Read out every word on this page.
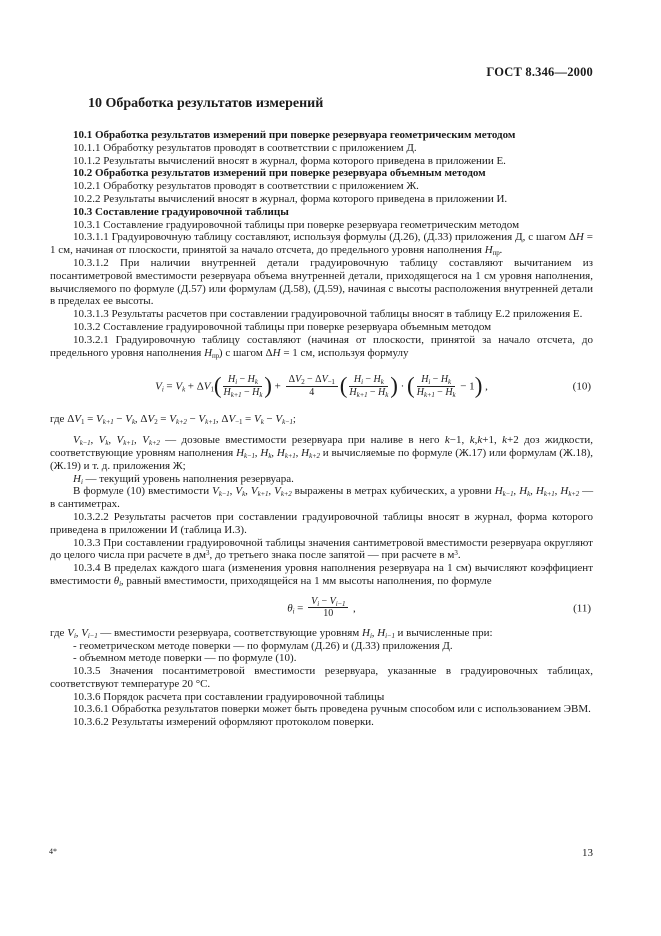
ГОСТ 8.346—2000
10 Обработка результатов измерений

10.1 Обработка результатов измерений при поверке резервуара геометрическим методом

10.1.1 Обработку результатов проводят в соответствии с приложением Д.

10.1.2 Результаты вычислений вносят в журнал, форма которого приведена в приложении Е.

10.2 Обработка результатов измерений при поверке резервуара объемным методом

10.2.1 Обработку результатов проводят в соответствии с приложением Ж.

10.2.2 Результаты вычислений вносят в журнал, форма которого приведена в приложении И.

10.3 Составление градуировочной таблицы

10.3.1 Составление градуировочной таблицы при поверке резервуара геометрическим методом

10.3.1.1 Градуировочную таблицу составляют, используя формулы (Д.26), (Д.33) приложения Д, с шагом ΔH = 1 см, начиная от плоскости, принятой за начало отсчета, до предельного уровня наполнения $H_{пр}$.

10.3.1.2 При наличии внутренней детали градуировочную таблицу составляют вычитанием из посантиметровой вместимости резервуара объема внутренней детали, приходящегося на 1 см уровня наполнения, вычисляемого по формуле (Д.57) или формулам (Д.58), (Д.59), начиная с высоты расположения внутренней детали в пределах ее высоты.

10.3.1.3 Результаты расчетов при составлении градуировочной таблицы вносят в таблицу Е.2 приложения Е.

10.3.2 Составление градуировочной таблицы при поверке резервуара объемным методом

10.3.2.1 Градуировочную таблицу составляют (начиная от плоскости, принятой за начало отсчета, до предельного уровня наполнения $H_{пр}$) с шагом ΔH = 1 см, используя формулу

$V_i = V_k + \Delta V_1( \frac{H_i - H_k}{H_{k+1} - H_k}$ ) + $\frac{\Delta V_2 - \Delta V_{-1}}{4}$ ( $\frac{H_i - H_k}{H_{k+1} - H_k}$ ) · ( $\frac{H_i - H_k}{H_{k+1} - H_k} - 1$) ,	(10)

где $\Delta V_1 = V_{k+1} - V_k$, $\Delta V_2 = V_{k+2} - V_{k+1}$, $\Delta V_{-1} = V_k - V_{k-1}$;

$V_{k-1}$, $V_k$, $V_{k+1}$, $V_{k+2}$ — дозовые вместимости резервуара при наливе в него k−1, k,k+1, k+2 доз жидкости, соответствующие уровням наполнения $H_{k-1}$, $H_k$, $H_{k+1}$, $H_{k+2}$ и вычисляемые по формуле (Ж.17) или формулам (Ж.18), (Ж.19) и т. д. приложения Ж;

$H_i$ — текущий уровень наполнения резервуара.

В формуле (10) вместимости $V_{k-1}$, $V_k$, $V_{k+1}$, $V_{k+2}$ выражены в метрах кубических, а уровни $H_{k-1}$, $H_k$, $H_{k+1}$, $H_{k+2}$ — в сантиметрах.

10.3.2.2 Результаты расчетов при составлении градуировочной таблицы вносят в журнал, форма которого приведена в приложении И (таблица И.3).

10.3.3 При составлении градуировочной таблицы значения сантиметровой вместимости резервуара округляют до целого числа при расчете в $дм^3$, до третьего знака после запятой — при расчете в $м^3$.

10.3.4 В пределах каждого шага (изменения уровня наполнения резервуара на 1 см) вычисляют коэффициент вместимости $\theta_i$, равный вместимости, приходящейся на 1 мм высоты наполнения, по формуле

$\theta_i = \frac{V_i - V_{i-1}}{10}$ ,	(11)

где $V_i$, $V_{i-1}$ — вместимости резервуара, соответствующие уровням $H_i$, $H_{i-1}$ и вычисленные при:

- геометрическом методе поверки — по формулам (Д.26) и (Д.33) приложения Д.

- объемном методе поверки — по формуле (10).

10.3.5 Значения посантиметровой вместимости резервуара, указанные в градуировочных таблицах, соответствуют температуре 20 °С.

10.3.6 Порядок расчета при составлении градуировочной таблицы

10.3.6.1 Обработка результатов поверки может быть проведена ручным способом или с использованием ЭВМ.

10.3.6.2 Результаты измерений оформляют протоколом поверки.

4*	13
